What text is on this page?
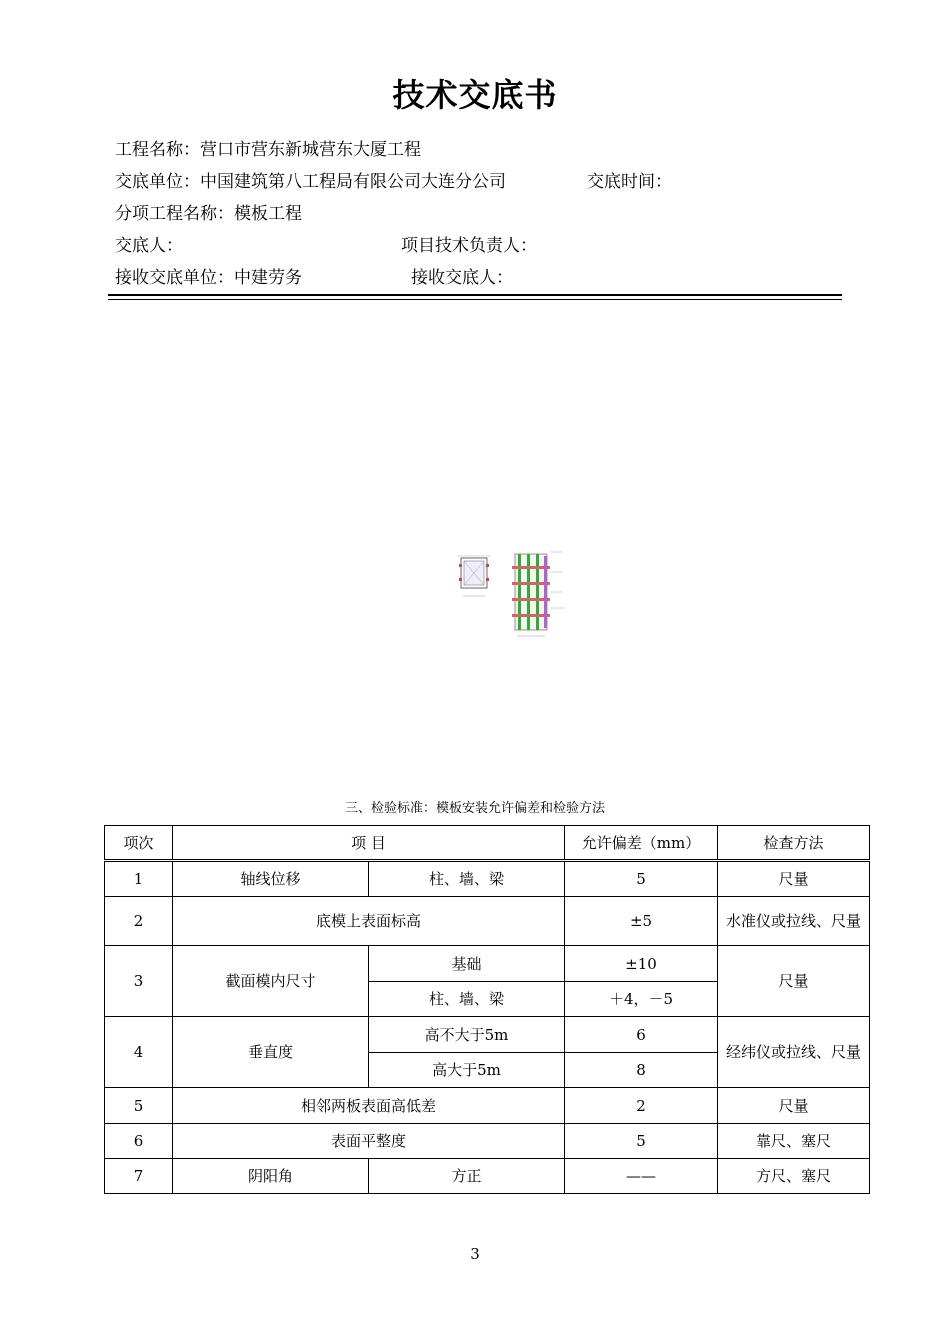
技术交底书
工程名称：营口市营东新城营东大厦工程
交底单位：中国建筑第八工程局有限公司大连分公司	交底时间：
分项工程名称：模板工程
交底人：	项目技术负责人：
接收交底单位：中建劳务	接收交底人：
三、检验标准：模板安装允许偏差和检验方法
项次	项 目		允许偏差（mm）	检查方法
1	轴线位移	柱、墙、梁	5	尺量
2	底模上表面标高		±5	水准仪或拉线、尺量
3	截面模内尺寸	基础	±10	尺量
		柱、墙、梁	＋4，－5	
4	垂直度	高不大于5m	6	经纬仪或拉线、尺量
		高大于5m	8	
5	相邻两板表面高低差		2	尺量
6	表面平整度		5	靠尺、塞尺
7	阴阳角	方正	——	方尺、塞尺
3
